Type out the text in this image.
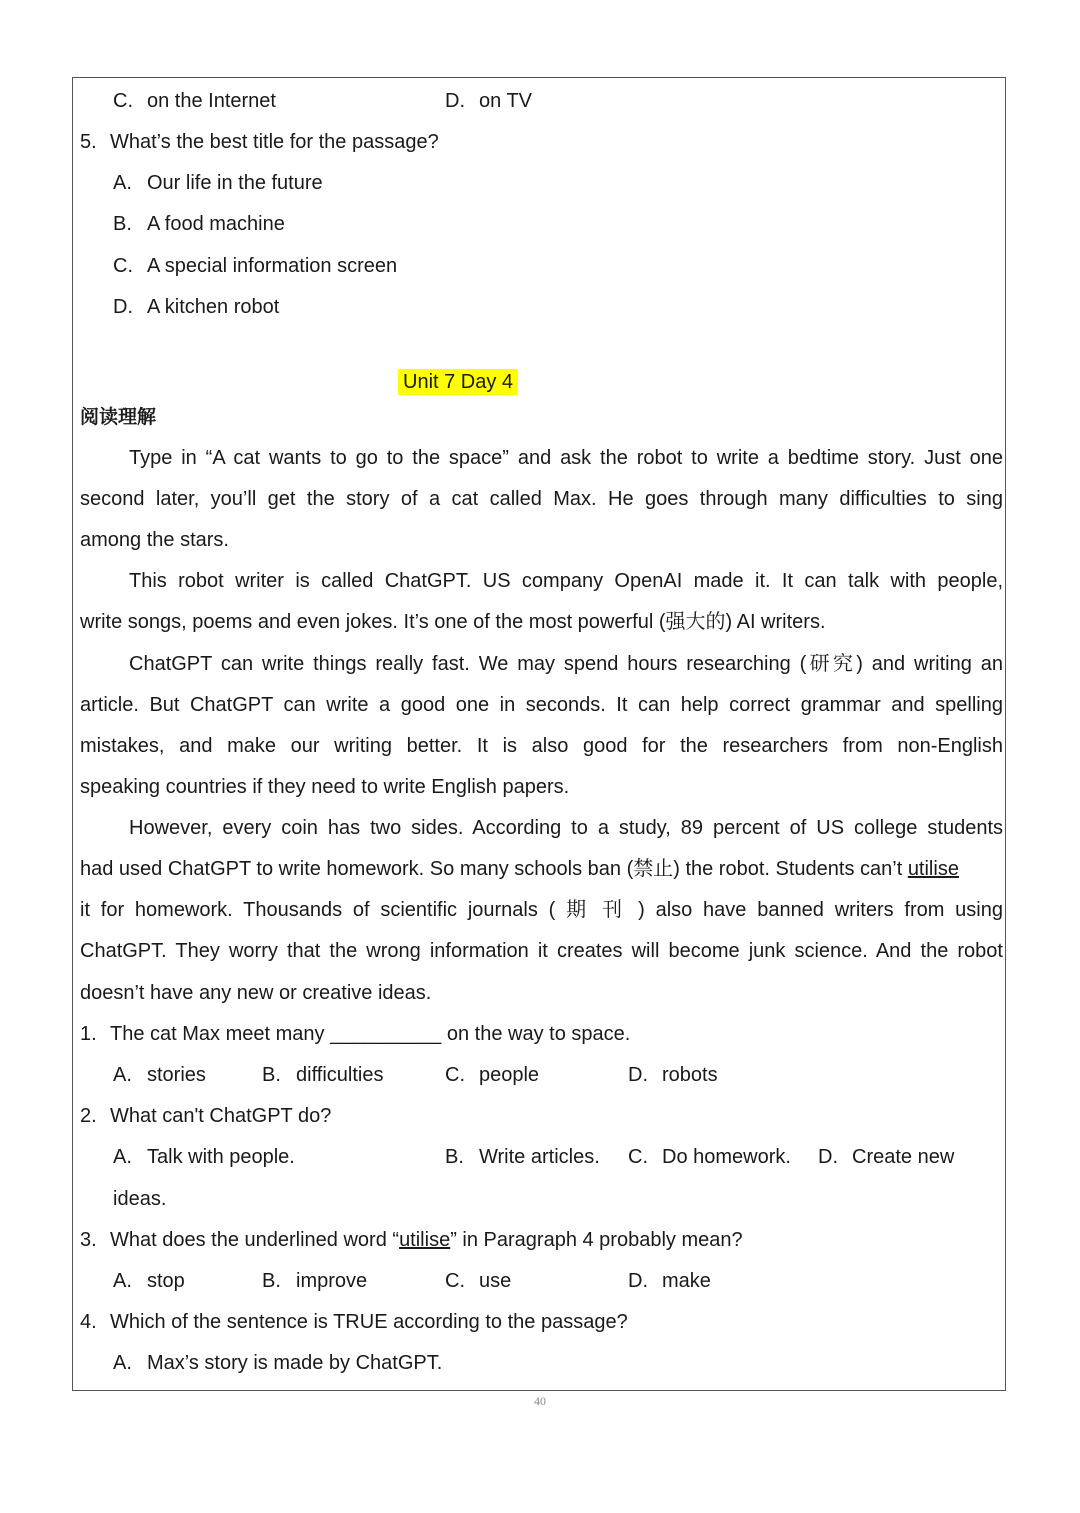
C. on the Internet	D. on TV
5. What’s the best title for the passage?
A. Our life in the future
B. A food machine
C. A special information screen
D. A kitchen robot
Unit 7 Day 4
阅读理解
Type in “A cat wants to go to the space” and ask the robot to write a bedtime story. Just one
second later, you’ll get the story of a cat called Max. He goes through many difficulties to sing
among the stars.
This robot writer is called ChatGPT. US company OpenAI made it. It can talk with people,
write songs, poems and even jokes. It’s one of the most powerful (强大的) AI writers.
ChatGPT can write things really fast. We may spend hours researching (研究) and writing an
article. But ChatGPT can write a good one in seconds. It can help correct grammar and spelling
mistakes, and make our writing better. It is also good for the researchers from non-English
speaking countries if they need to write English papers.
However, every coin has two sides. According to a study, 89 percent of US college students
had used ChatGPT to write homework. So many schools ban (禁止) the robot. Students can’t utilise
it for homework. Thousands of scientific journals ( 期 刊 ) also have banned writers from using
ChatGPT. They worry that the wrong information it creates will become junk science. And the robot
doesn’t have any new or creative ideas.
1. The cat Max meet many __________ on the way to space.
A. stories	B. difficulties	C. people	D. robots
2. What can't ChatGPT do?
A. Talk with people.	B. Write articles. C. Do homework. D. Create new
ideas.
3. What does the underlined word “utilise” in Paragraph 4 probably mean?
A. stop	B. improve	C. use	D. make
4. Which of the sentence is TRUE according to the passage?
A. Max’s story is made by ChatGPT.
40
